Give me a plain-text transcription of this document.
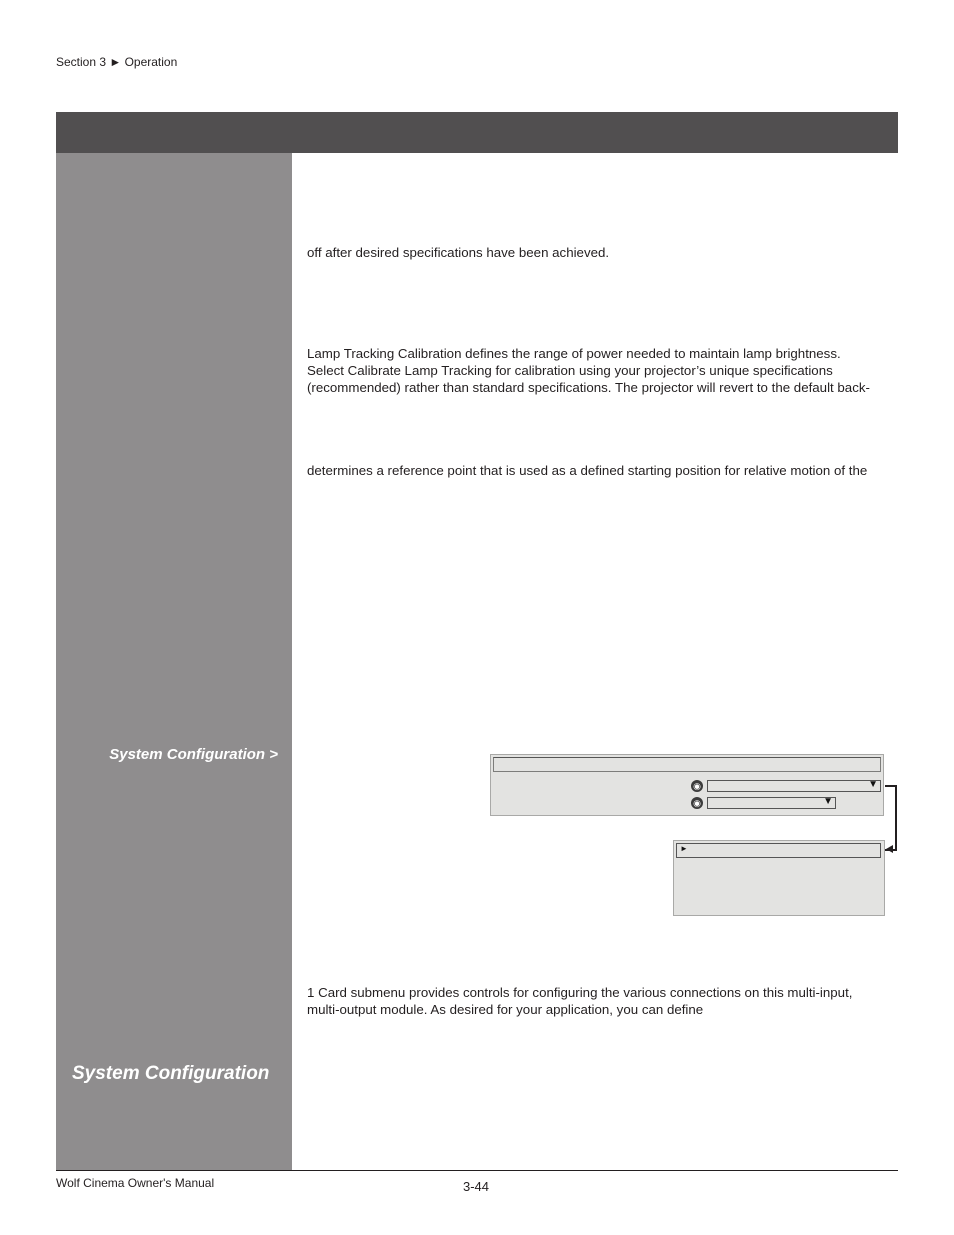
Section 3 ► Operation
System Configuration >
System Configuration
off after desired specifications have been achieved.
Lamp Tracking Calibration defines the range of power needed to maintain lamp brightness.
Select Calibrate Lamp Tracking for calibration using your projector’s unique specifications
(recommended) rather than standard specifications. The projector will revert to the default back-
determines a reference point that is used as a defined starting position for relative motion of the
◉	▼
◉	▼
►
1 Card submenu provides controls for configuring the various connections on this multi-input,
multi-output module. As desired for your application, you can define
Wolf Cinema Owner's Manual	3-44
